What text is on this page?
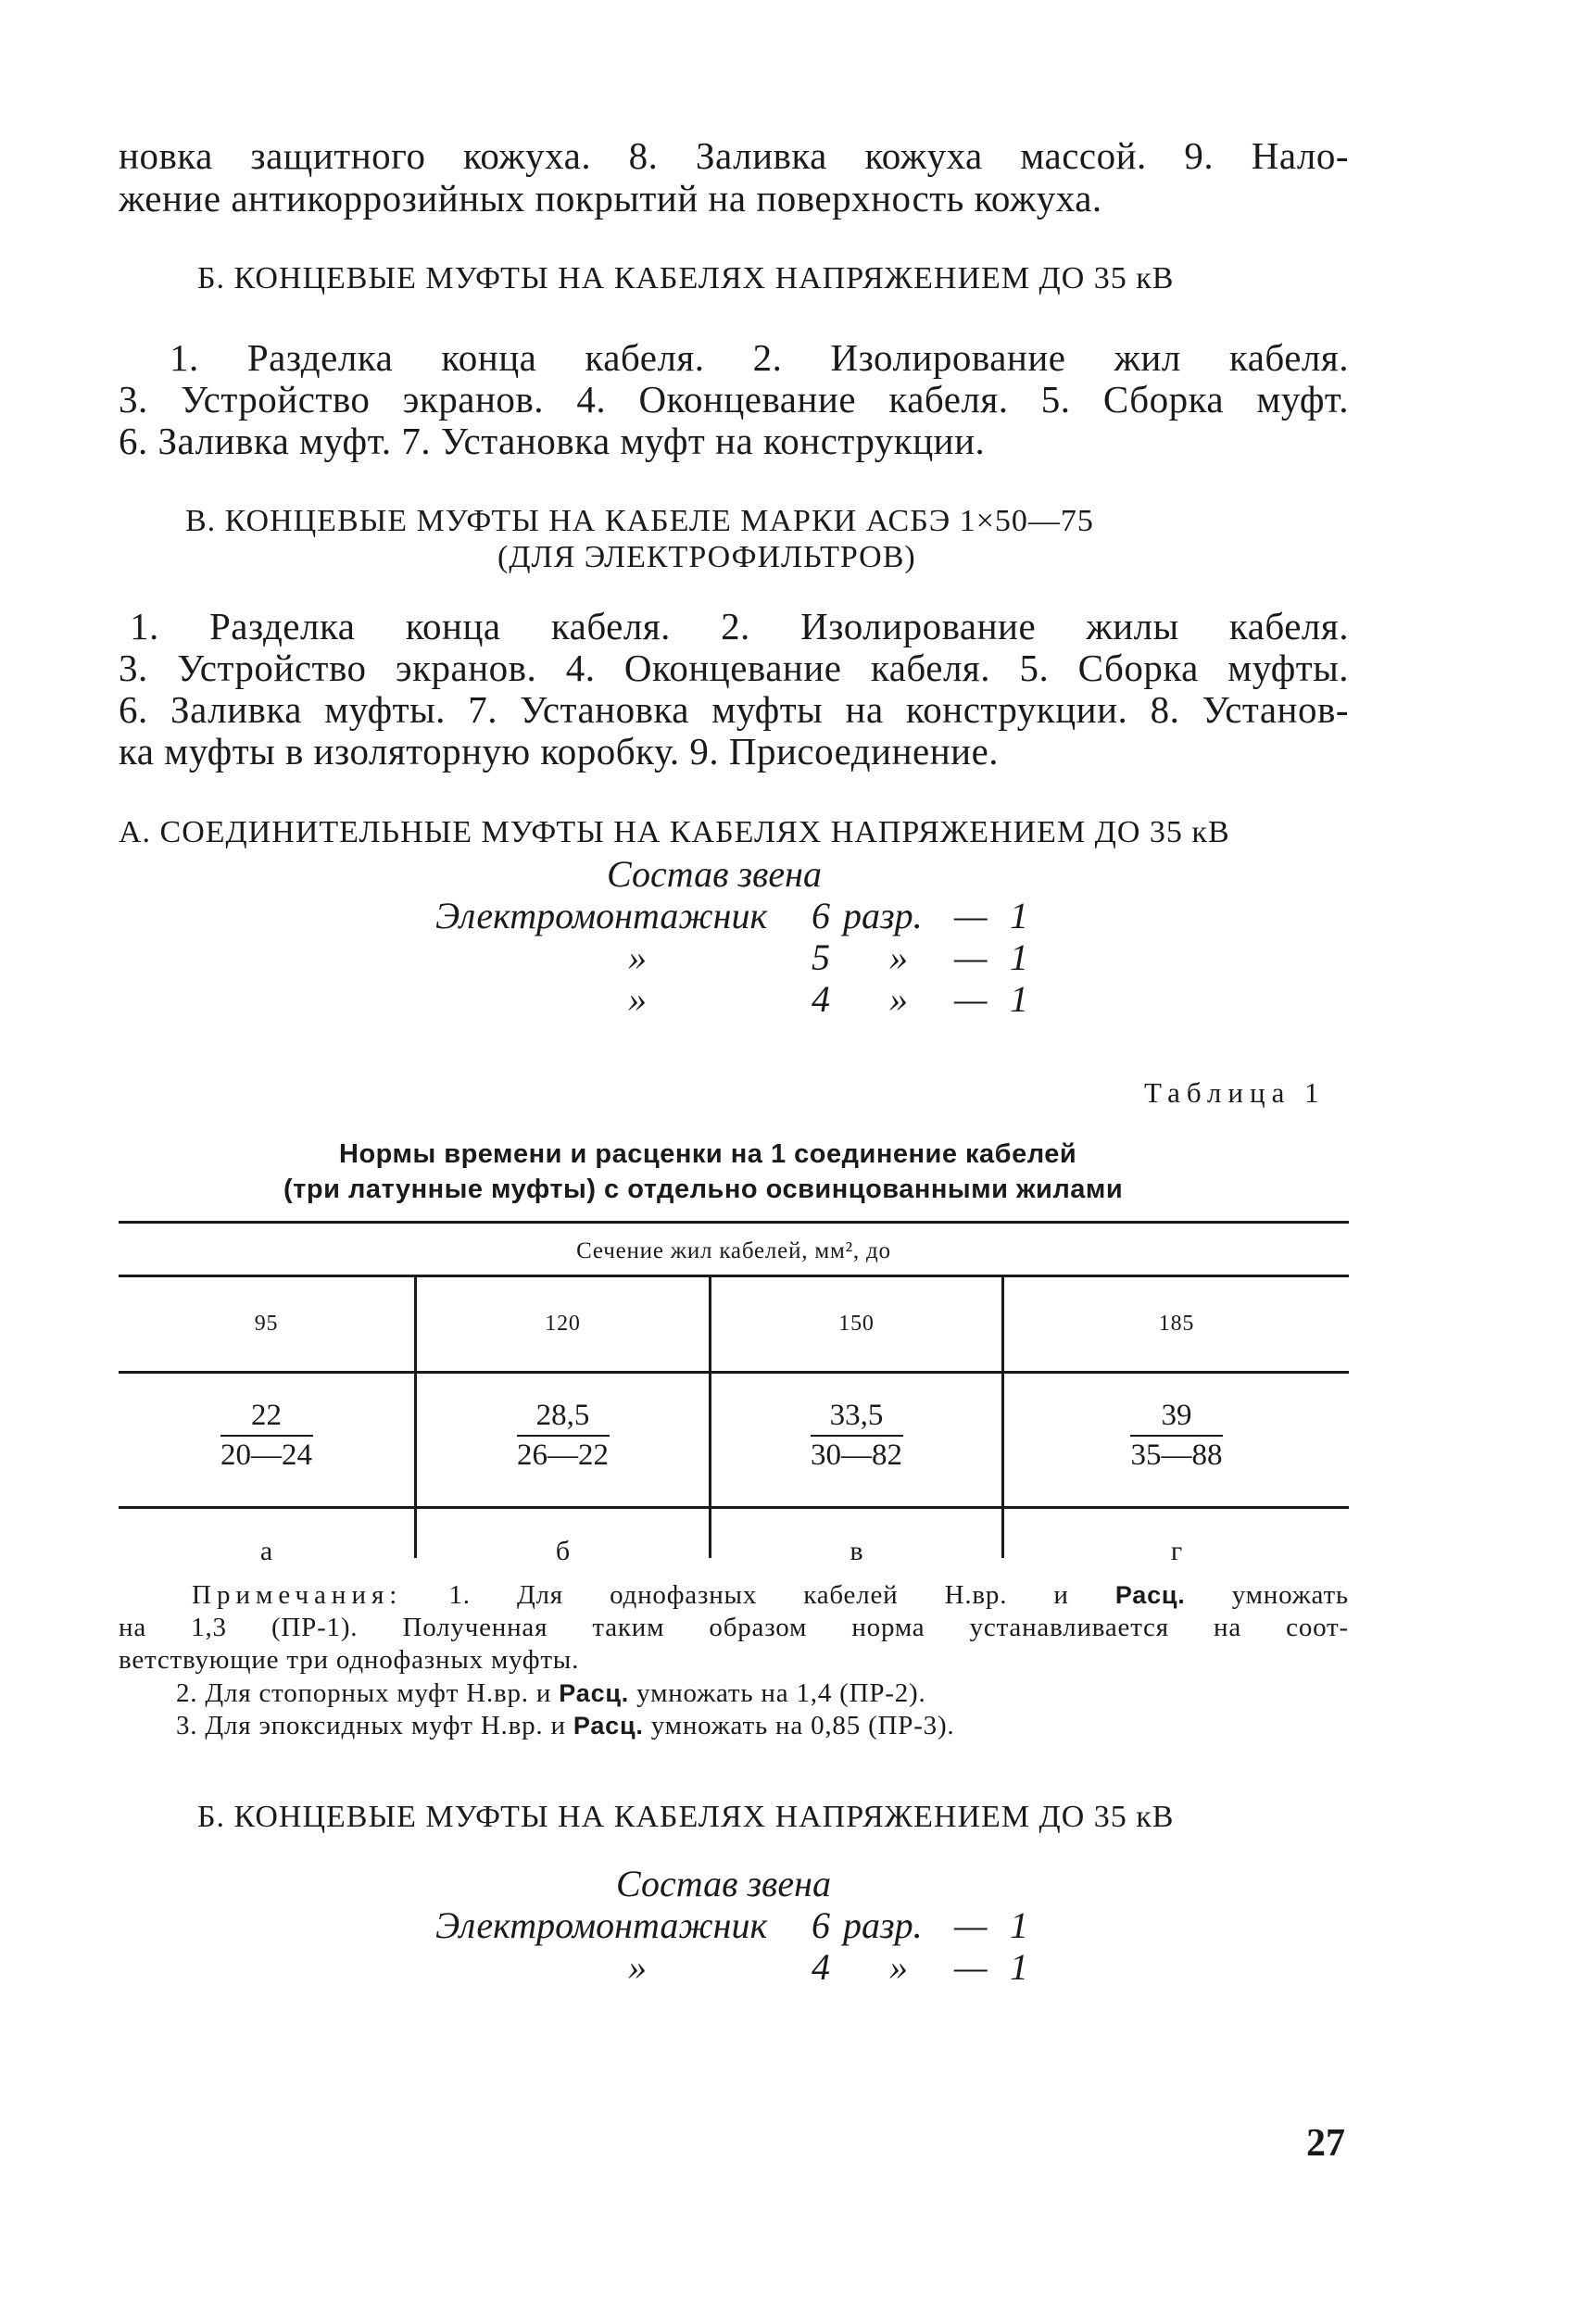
новка защитного кожуха. 8. Заливка кожуха массой. 9. Нало-
жение антикоррозийных покрытий на поверхность кожуха.
Б. КОНЦЕВЫЕ МУФТЫ НА КАБЕЛЯХ НАПРЯЖЕНИЕМ ДО 35 кВ
1. Разделка конца кабеля. 2. Изолирование жил кабеля.
3. Устройство экранов. 4. Оконцевание кабеля. 5. Сборка муфт.
6. Заливка муфт. 7. Установка муфт на конструкции.
В. КОНЦЕВЫЕ МУФТЫ НА КАБЕЛЕ МАРКИ АСБЭ 1×50—75
(ДЛЯ ЭЛЕКТРОФИЛЬТРОВ)
1. Разделка конца кабеля. 2. Изолирование жилы кабеля.
3. Устройство экранов. 4. Оконцевание кабеля. 5. Сборка муфты.
6. Заливка муфты. 7. Установка муфты на конструкции. 8. Установ-
ка муфты в изоляторную коробку. 9. Присоединение.
А. СОЕДИНИТЕЛЬНЫЕ МУФТЫ НА КАБЕЛЯХ НАПРЯЖЕНИЕМ ДО 35 кВ
Состав звена
Электромонтажник 6 разр. — 1
»	5 » — 1
»	4 » — 1
Таблица 1
Нормы времени и расценки на 1 соединение кабелей
(три латунные муфты) с отдельно освинцованными жилами
Сечение жил кабелей, мм², до
95	120	150	185
$\frac{22}{20—24} \frac{28,5}{26—22} \frac{33,5}{30—82} \frac{39}{35—88}$
а	б	в	г
Примечания: 1. Для однофазных кабелей Н.вр. и Расц. умножать
на 1,3 (ПР-1). Полученная таким образом норма устанавливается на соот-
ветствующие три однофазных муфты.
2. Для стопорных муфт Н.вр. и Расц. умножать на 1,4 (ПР-2).
3. Для эпоксидных муфт Н.вр. и Расц. умножать на 0,85 (ПР-3).
Б. КОНЦЕВЫЕ МУФТЫ НА КАБЕЛЯХ НАПРЯЖЕНИЕМ ДО 35 кВ
Состав звена
Электромонтажник 6 разр. — 1
»	4 » — 1
27
